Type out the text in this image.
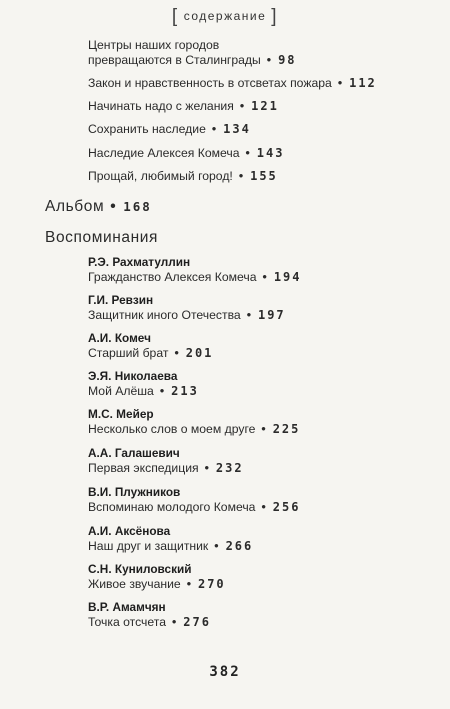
[ содержание ]
Центры наших городов
превращаются в Сталинграды • 98
Закон и нравственность в отсветах пожара • 112
Начинать надо с желания • 121
Сохранить наследие • 134
Наследие Алексея Комеча • 143
Прощай, любимый город! • 155
Альбом • 168
Воспоминания
Р.Э. Рахматуллин
Гражданство Алексея Комеча • 194
Г.И. Ревзин
Защитник иного Отечества • 197
А.И. Комеч
Старший брат • 201
Э.Я. Николаева
Мой Алёша • 213
М.С. Мейер
Несколько слов о моем друге • 225
А.А. Галашевич
Первая экспедиция • 232
В.И. Плужников
Вспоминаю молодого Комеча • 256
А.И. Аксёнова
Наш друг и защитник • 266
С.Н. Куниловский
Живое звучание • 270
В.Р. Амамчян
Точка отсчета • 276
382
